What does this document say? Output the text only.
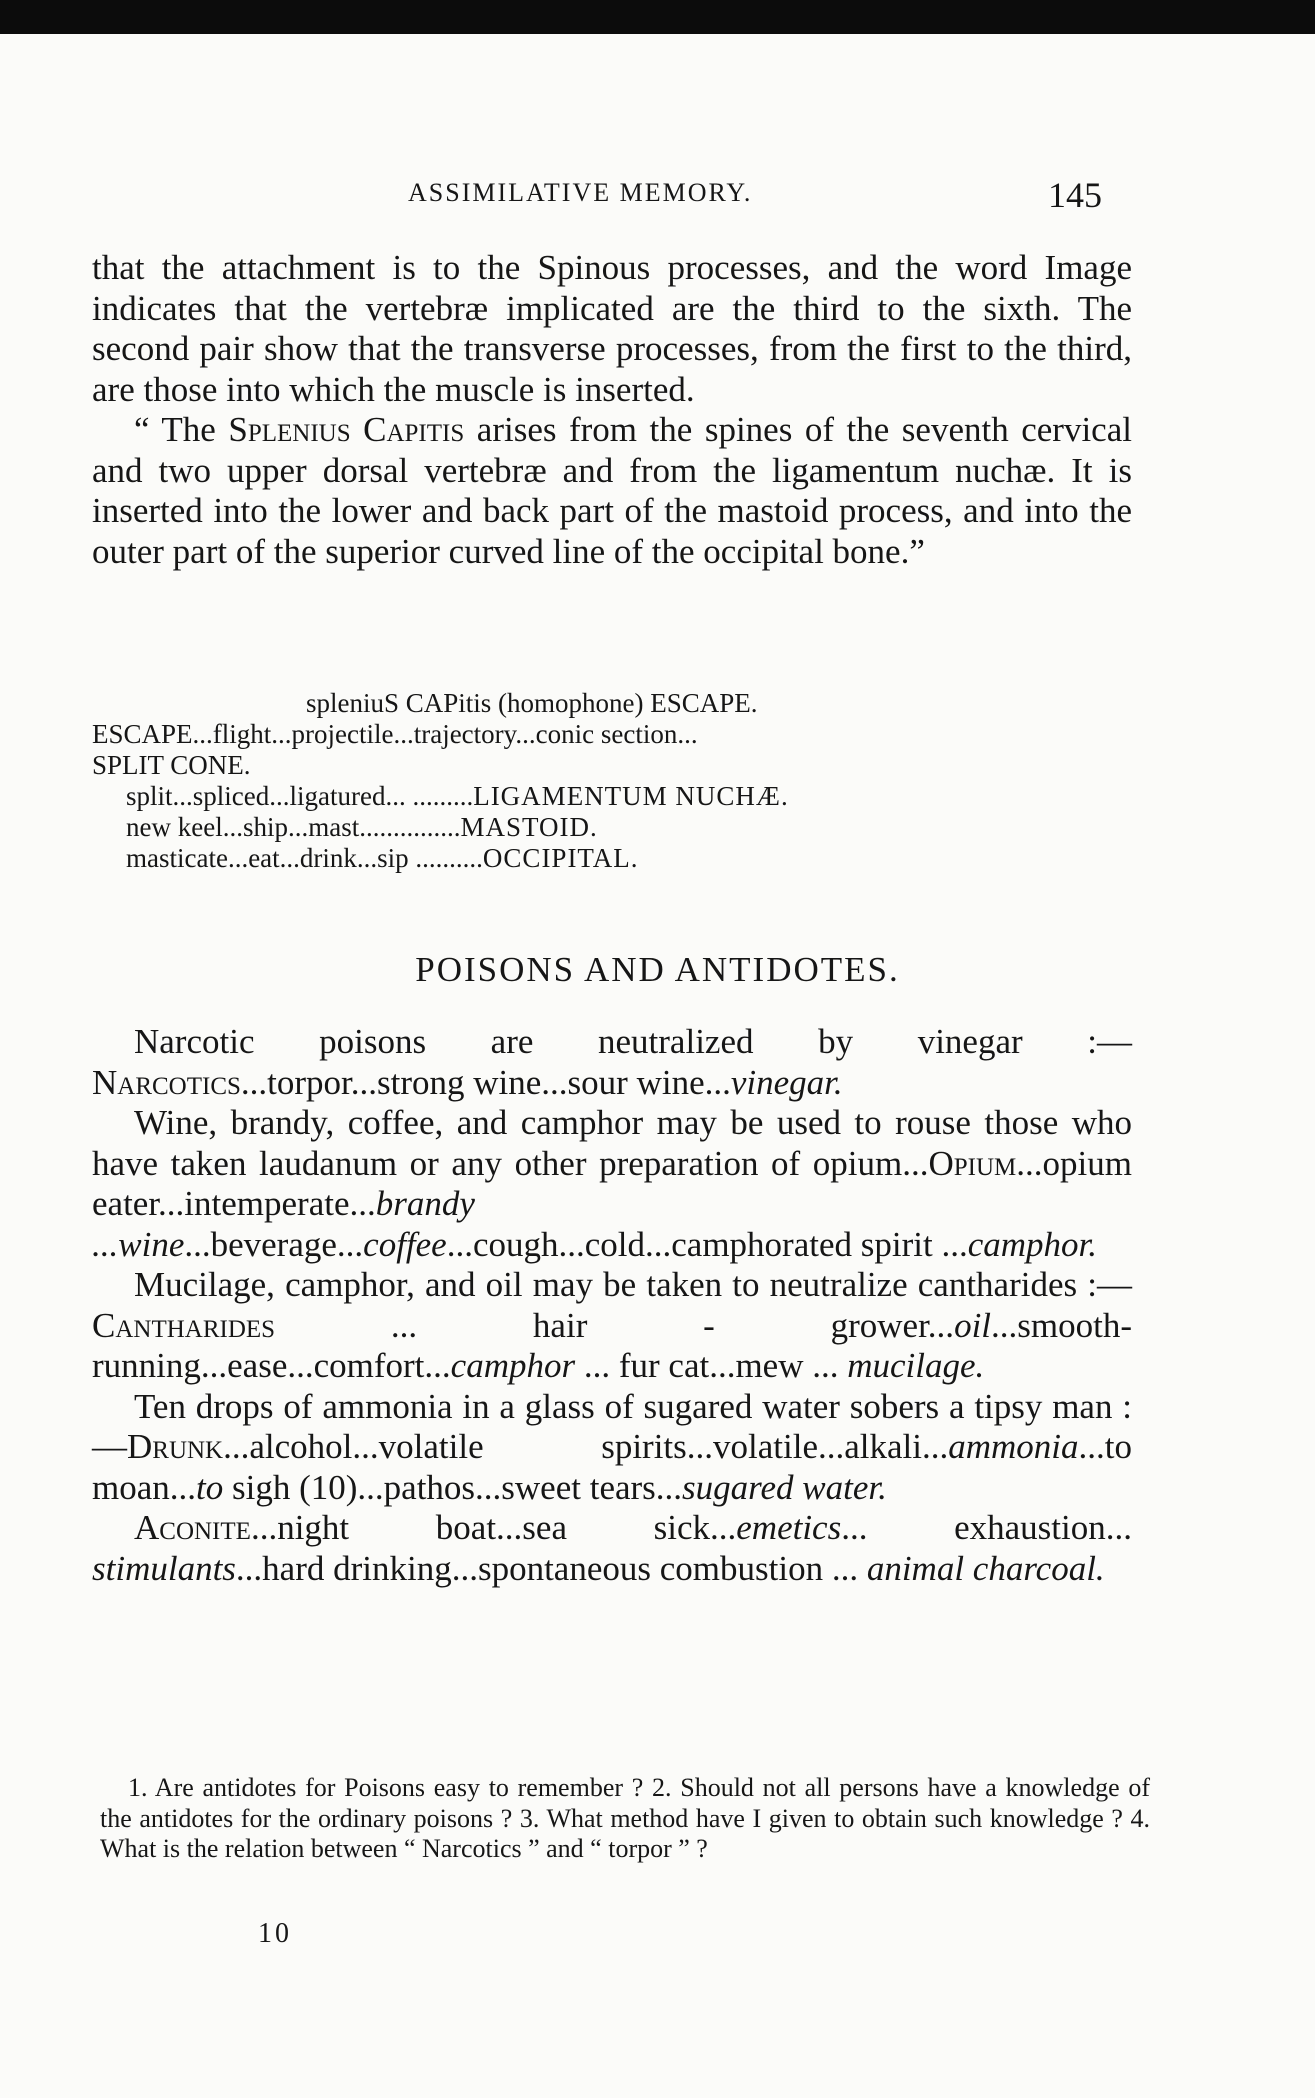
ASSIMILATIVE MEMORY.	145

that the attachment is to the Spinous processes, and the word Image indicates that the vertebræ implicated are the third to the sixth. The second pair show that the transverse processes, from the first to the third, are those into which the muscle is inserted.

“ The Splenius Capitis arises from the spines of the seventh cervical and two upper dorsal vertebræ and from the ligamentum nuchæ. It is inserted into the lower and back part of the mastoid process, and into the outer part of the superior curved line of the occipital bone.”

spleniuS CAPitis (homophone) ESCAPE.
ESCAPE...flight...projectile...trajectory...conic section...
SPLIT CONE.
split...spliced...ligatured... .........LIGAMENTUM NUCHÆ.
new keel...ship...mast...............MASTOID.
masticate...eat...drink...sip ..........OCCIPITAL.
POISONS AND ANTIDOTES.

Narcotic poisons are neutralized by vinegar :—Narcotics...torpor...strong wine...sour wine...vinegar.

Wine, brandy, coffee, and camphor may be used to rouse those who have taken laudanum or any other preparation of opium...Opium...opium eater...intemperate...brandy ...wine...beverage...coffee...cough...cold...camphorated spirit ...camphor.

Mucilage, camphor, and oil may be taken to neutralize cantharides :—Cantharides ... hair - grower...oil...smooth-running...ease...comfort...camphor ... fur cat...mew ... mucilage.

Ten drops of ammonia in a glass of sugared water sobers a tipsy man :—Drunk...alcohol...volatile spirits...volatile...alkali...ammonia...to moan...to sigh (10)...pathos...sweet tears...sugared water.

Aconite...night boat...sea sick...emetics... exhaustion... stimulants...hard drinking...spontaneous combustion ... animal charcoal.

1. Are antidotes for Poisons easy to remember ? 2. Should not all persons have a knowledge of the antidotes for the ordinary poisons ? 3. What method have I given to obtain such knowledge ? 4. What is the relation between “ Narcotics ” and “ torpor ” ?

10
